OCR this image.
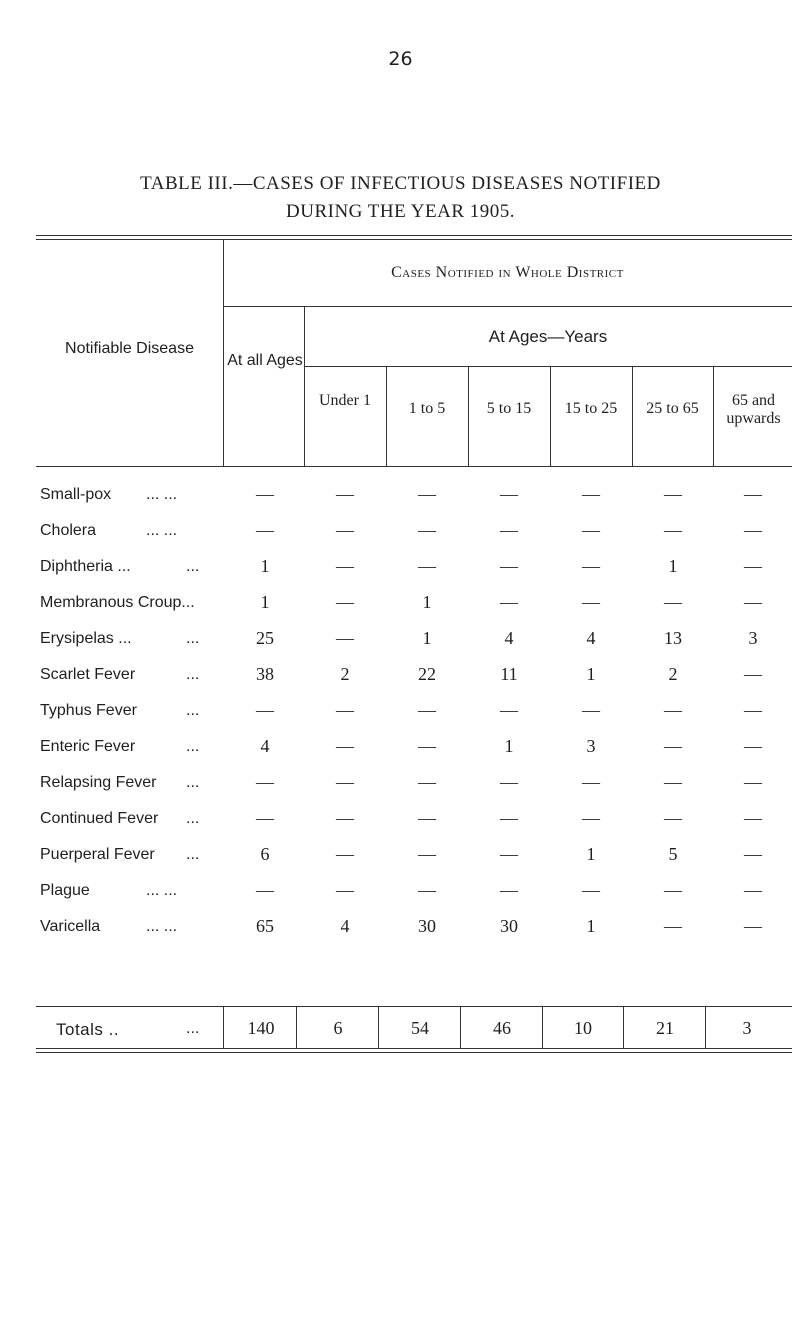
26
TABLE III.—CASES OF INFECTIOUS DISEASES NOTIFIED
DURING THE YEAR 1905.
Notifiable Disease
Cases Notified in Whole District
At all Ages
At Ages—Years
Under 1	1 to 5	5 to 15	15 to 25	25 to 65	65 and upwards
Small-pox ... ...	—	—	—	—	—	—	—
Cholera	... ...	—	—	—	—	—	—	—
Diphtheria ...	...	1	—	—	—	—	1	—
Membranous Croup...	1	—	1	—	—	—	—
Erysipelas ...	...	25	—	1	4	4	13	3
Scarlet Fever	...	38	2	22	11	1	2	—
Typhus Fever	...	—	—	—	—	—	—	—
Enteric Fever	...	4	—	—	1	3	—	—
Relapsing Fever ...	—	—	—	—	—	—	—
Continued Fever ...	—	—	—	—	—	—	—
Puerperal Fever ...	6	—	—	—	1	5	—
Plague	... ...	—	—	—	—	—	—	—
Varicella	... ...	65	4	30	30	1	—	—
Totals ..	...	140	6	54	46	10	21	3
